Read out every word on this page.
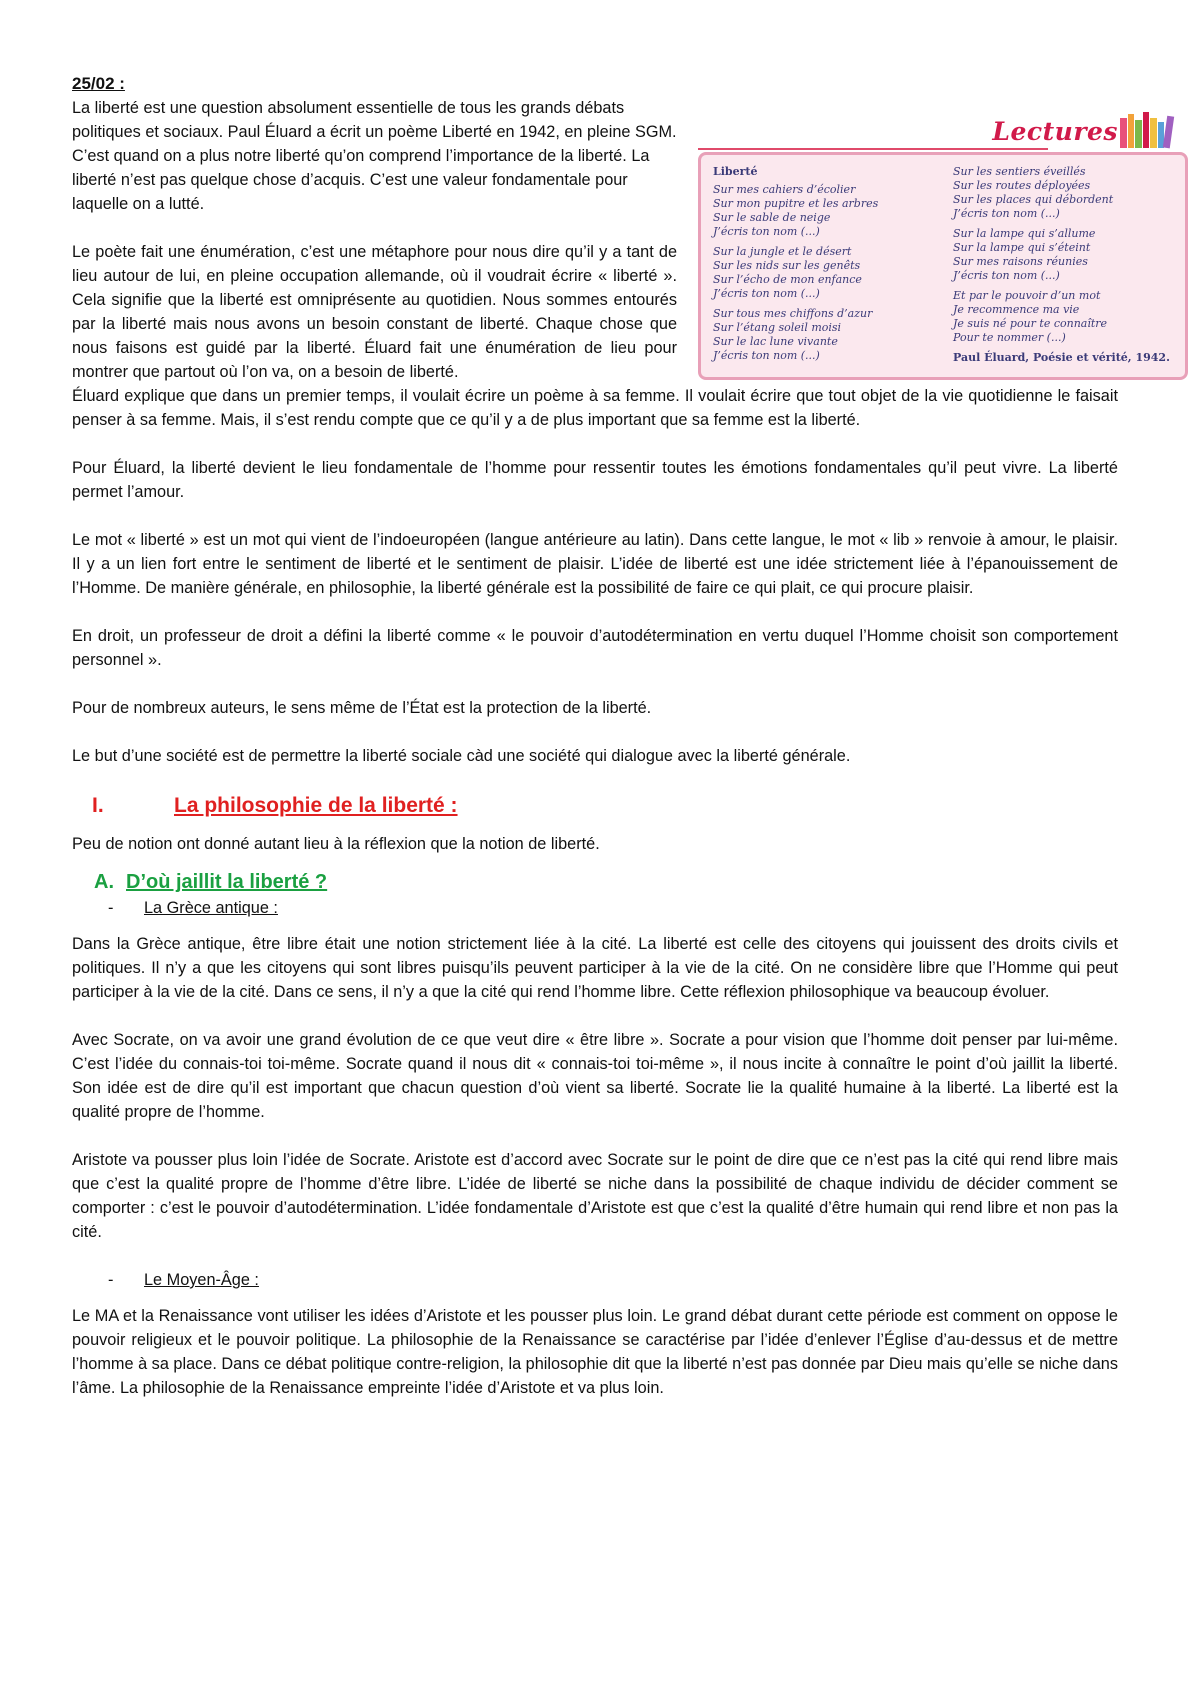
25/02 :

La liberté est une question absolument essentielle de tous les grands débats politiques et sociaux. Paul Éluard a écrit un poème Liberté en 1942, en pleine SGM. C’est quand on a plus notre liberté qu’on comprend l’importance de la liberté. La liberté n’est pas quelque chose d’acquis. C’est une valeur fondamentale pour laquelle on a lutté.

Le poète fait une énumération, c’est une métaphore pour nous dire qu’il y a tant de lieu autour de lui, en pleine occupation allemande, où il voudrait écrire « liberté ». Cela signifie que la liberté est omniprésente au quotidien. Nous sommes entourés par la liberté mais nous avons un besoin constant de liberté. Chaque chose que nous faisons est guidé par la liberté. Éluard fait une énumération de lieu pour montrer que partout où l’on va, on a besoin de liberté.

Lectures
Liberté
Sur mes cahiers d’écolier
Sur mon pupitre et les arbres
Sur le sable de neige
J’écris ton nom (...)
Sur la jungle et le désert
Sur les nids sur les genêts
Sur l’écho de mon enfance
J’écris ton nom (...)
Sur tous mes chiffons d’azur
Sur l’étang soleil moisi
Sur le lac lune vivante
J’écris ton nom (...)
Sur les sentiers éveillés
Sur les routes déployées
Sur les places qui débordent
J’écris ton nom (...)
Sur la lampe qui s’allume
Sur la lampe qui s’éteint
Sur mes raisons réunies
J’écris ton nom (...)
Et par le pouvoir d’un mot
Je recommence ma vie
Je suis né pour te connaître
Pour te nommer (...)
Paul Éluard, Poésie et vérité, 1942.

Éluard explique que dans un premier temps, il voulait écrire un poème à sa femme. Il voulait écrire que tout objet de la vie quotidienne le faisait penser à sa femme. Mais, il s’est rendu compte que ce qu’il y a de plus important que sa femme est la liberté.

Pour Éluard, la liberté devient le lieu fondamentale de l’homme pour ressentir toutes les émotions fondamentales qu’il peut vivre. La liberté permet l’amour.

Le mot « liberté » est un mot qui vient de l’indoeuropéen (langue antérieure au latin). Dans cette langue, le mot « lib » renvoie à amour, le plaisir. Il y a un lien fort entre le sentiment de liberté et le sentiment de plaisir. L’idée de liberté est une idée strictement liée à l’épanouissement de l’Homme. De manière générale, en philosophie, la liberté générale est la possibilité de faire ce qui plait, ce qui procure plaisir.

En droit, un professeur de droit a défini la liberté comme « le pouvoir d’autodétermination en vertu duquel l’Homme choisit son comportement personnel ».

Pour de nombreux auteurs, le sens même de l’État est la protection de la liberté.

Le but d’une société est de permettre la liberté sociale càd une société qui dialogue avec la liberté générale.

I.	La philosophie de la liberté :

Peu de notion ont donné autant lieu à la réflexion que la notion de liberté.

A. D’où jaillit la liberté ?
-	La Grèce antique :

Dans la Grèce antique, être libre était une notion strictement liée à la cité. La liberté est celle des citoyens qui jouissent des droits civils et politiques. Il n’y a que les citoyens qui sont libres puisqu’ils peuvent participer à la vie de la cité. On ne considère libre que l’Homme qui peut participer à la vie de la cité. Dans ce sens, il n’y a que la cité qui rend l’homme libre. Cette réflexion philosophique va beaucoup évoluer.

Avec Socrate, on va avoir une grand évolution de ce que veut dire « être libre ». Socrate a pour vision que l’homme doit penser par lui-même. C’est l’idée du connais-toi toi-même. Socrate quand il nous dit « connais-toi toi-même », il nous incite à connaître le point d’où jaillit la liberté. Son idée est de dire qu’il est important que chacun question d’où vient sa liberté. Socrate lie la qualité humaine à la liberté. La liberté est la qualité propre de l’homme.

Aristote va pousser plus loin l’idée de Socrate. Aristote est d’accord avec Socrate sur le point de dire que ce n’est pas la cité qui rend libre mais que c’est la qualité propre de l’homme d’être libre. L’idée de liberté se niche dans la possibilité de chaque individu de décider comment se comporter : c’est le pouvoir d’autodétermination. L’idée fondamentale d’Aristote est que c’est la qualité d’être humain qui rend libre et non pas la cité.

-	Le Moyen-Âge :

Le MA et la Renaissance vont utiliser les idées d’Aristote et les pousser plus loin. Le grand débat durant cette période est comment on oppose le pouvoir religieux et le pouvoir politique. La philosophie de la Renaissance se caractérise par l’idée d’enlever l’Église d’au-dessus et de mettre l’homme à sa place. Dans ce débat politique contre-religion, la philosophie dit que la liberté n’est pas donnée par Dieu mais qu’elle se niche dans l’âme. La philosophie de la Renaissance empreinte l’idée d’Aristote et va plus loin.
